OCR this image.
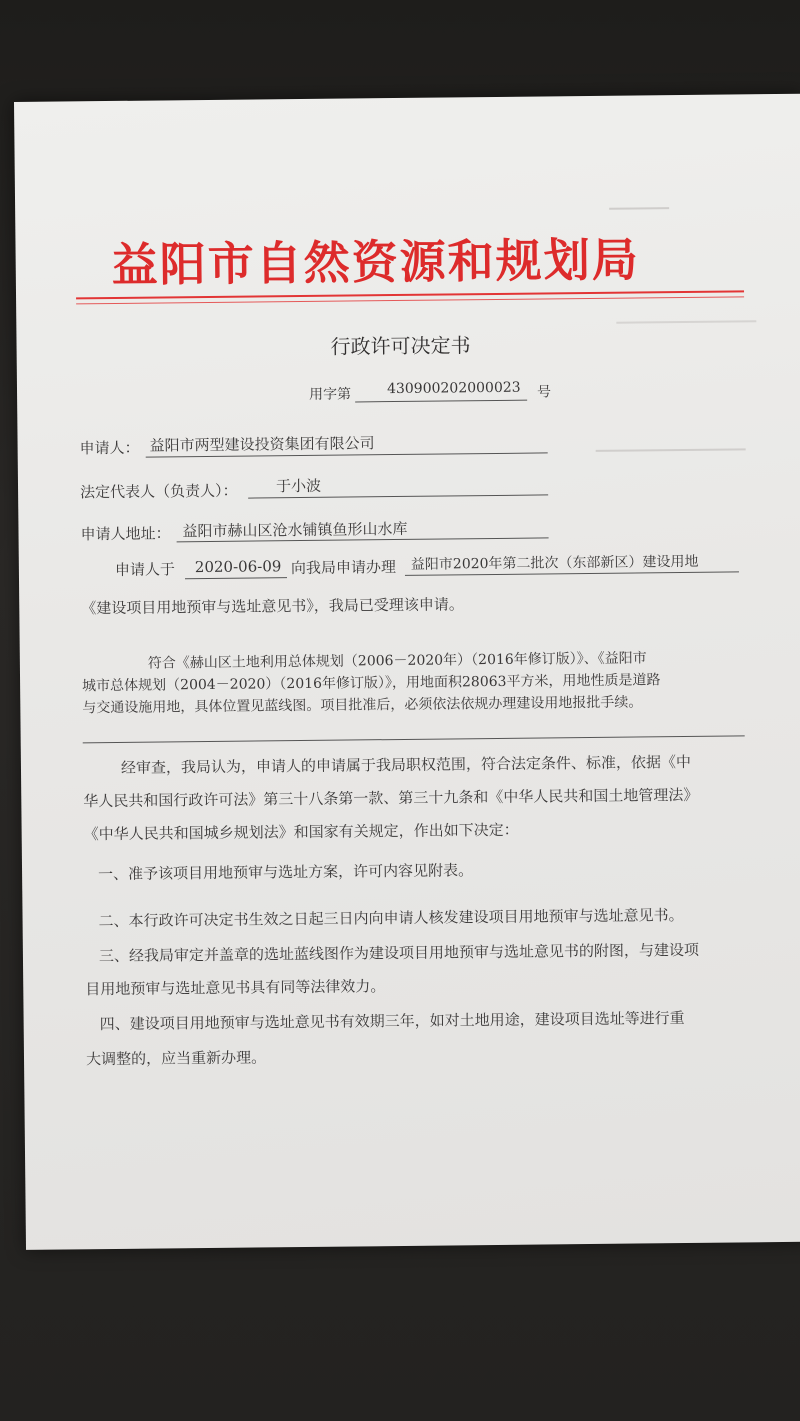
益阳市自然资源和规划局
行政许可决定书
用字第	430900202000023 号
申请人： 益阳市两型建设投资集团有限公司
法定代表人（负责人）：	于小波
申请人地址： 益阳市赫山区沧水铺镇鱼形山水库
申请人于 2020-06-09 向我局申请办理 益阳市2020年第二批次（东部新区）建设用地
《建设项目用地预审与选址意见书》，我局已受理该申请。
符合《赫山区土地利用总体规划（2006－2020年）（2016年修订版）》、《益阳市
城市总体规划（2004－2020）（2016年修订版）》，用地面积28063平方米，用地性质是道路
与交通设施用地，具体位置见蓝线图。项目批准后，必须依法依规办理建设用地报批手续。
经审查，我局认为，申请人的申请属于我局职权范围，符合法定条件、标准，依据《中
华人民共和国行政许可法》第三十八条第一款、第三十九条和《中华人民共和国土地管理法》
《中华人民共和国城乡规划法》和国家有关规定，作出如下决定：
一、准予该项目用地预审与选址方案，许可内容见附表。
二、本行政许可决定书生效之日起三日内向申请人核发建设项目用地预审与选址意见书。
三、经我局审定并盖章的选址蓝线图作为建设项目用地预审与选址意见书的附图，与建设项
目用地预审与选址意见书具有同等法律效力。
四、建设项目用地预审与选址意见书有效期三年，如对土地用途，建设项目选址等进行重
大调整的，应当重新办理。
